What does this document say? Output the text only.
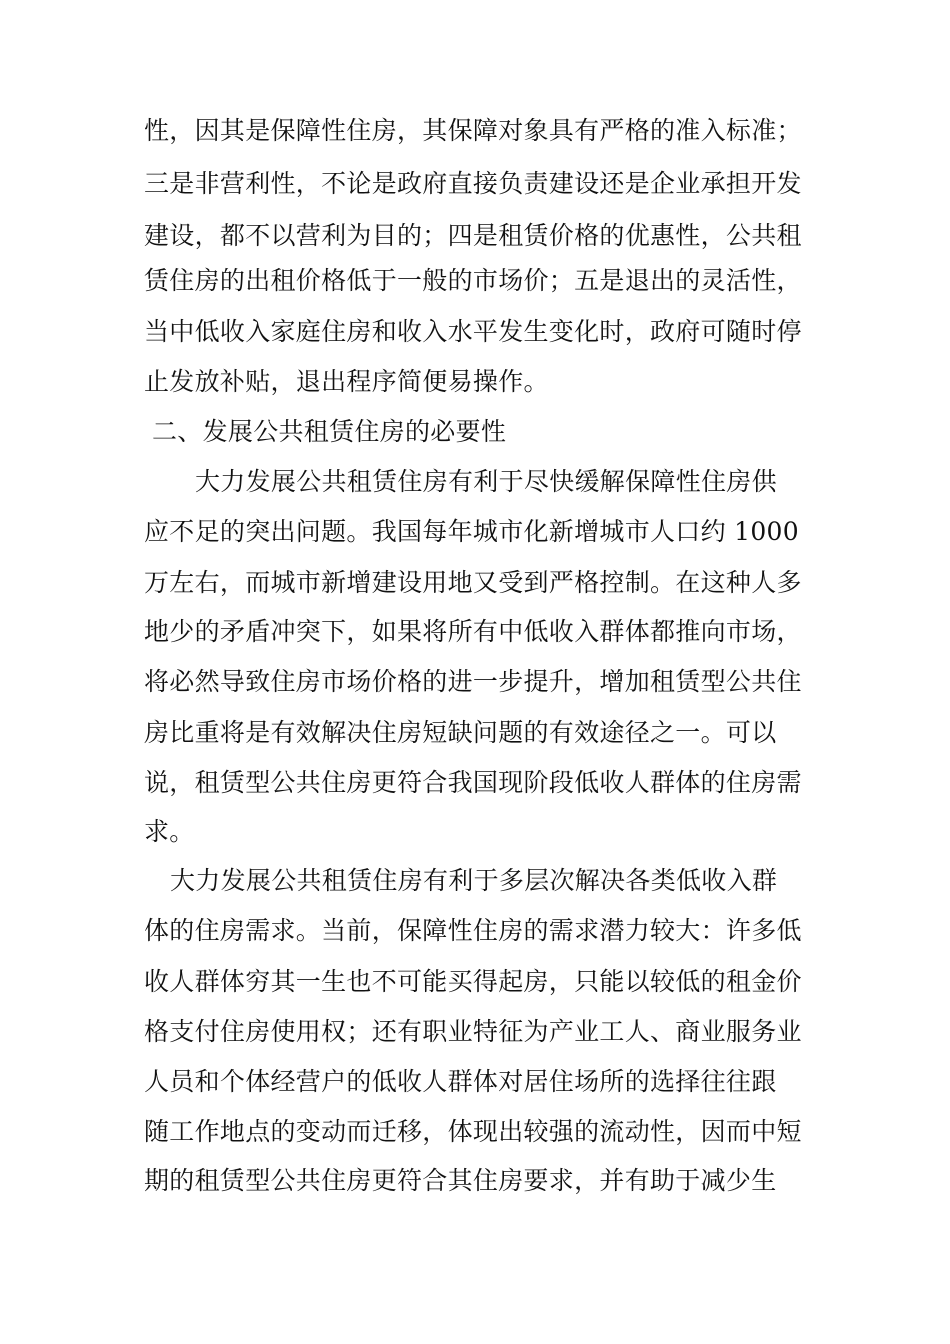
性，因其是保障性住房，其保障对象具有严格的准入标准；
三是非营利性，不论是政府直接负责建设还是企业承担开发
建设，都不以营利为目的；四是租赁价格的优惠性，公共租
赁住房的出租价格低于一般的市场价；五是退出的灵活性，
当中低收入家庭住房和收入水平发生变化时，政府可随时停
止发放补贴，退出程序简便易操作。
二、发展公共租赁住房的必要性
大力发展公共租赁住房有利于尽快缓解保障性住房供
应不足的突出问题。我国每年城市化新增城市人口约 1000
万左右，而城市新增建设用地又受到严格控制。在这种人多
地少的矛盾冲突下，如果将所有中低收入群体都推向市场，
将必然导致住房市场价格的进一步提升，增加租赁型公共住
房比重将是有效解决住房短缺问题的有效途径之一。可以
说，租赁型公共住房更符合我国现阶段低收人群体的住房需
求。
大力发展公共租赁住房有利于多层次解决各类低收入群
体的住房需求。当前，保障性住房的需求潜力较大：许多低
收人群体穷其一生也不可能买得起房，只能以较低的租金价
格支付住房使用权；还有职业特征为产业工人、商业服务业
人员和个体经营户的低收人群体对居住场所的选择往往跟
随工作地点的变动而迁移，体现出较强的流动性，因而中短
期的租赁型公共住房更符合其住房要求，并有助于减少生
